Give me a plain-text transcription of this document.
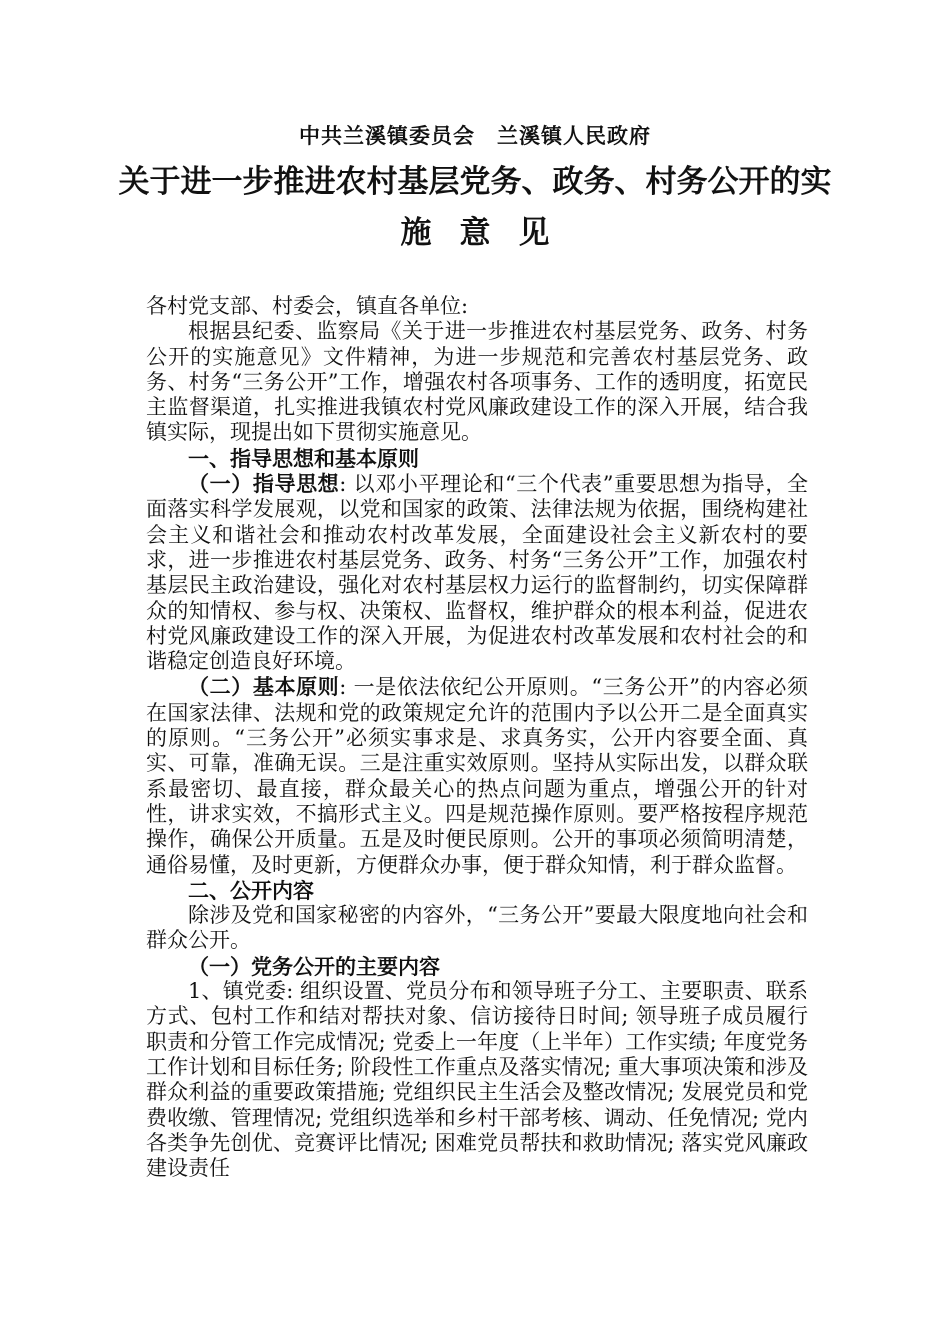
中共兰溪镇委员会　兰溪镇人民政府
关于进一步推进农村基层党务、政务、村务公开的实
施意见

各村党支部、村委会，镇直各单位:

根据县纪委、监察局《关于进一步推进农村基层党务、政务、村务公开的实施意见》文件精神，为进一步规范和完善农村基层党务、政务、村务“三务公开”工作，增强农村各项事务、工作的透明度，拓宽民主监督渠道，扎实推进我镇农村党风廉政建设工作的深入开展，结合我镇实际，现提出如下贯彻实施意见。

一、指导思想和基本原则

（一）指导思想: 以邓小平理论和“三个代表”重要思想为指导，全面落实科学发展观，以党和国家的政策、法律法规为依据，围绕构建社会主义和谐社会和推动农村改革发展，全面建设社会主义新农村的要求，进一步推进农村基层党务、政务、村务“三务公开”工作，加强农村基层民主政治建设，强化对农村基层权力运行的监督制约，切实保障群众的知情权、参与权、决策权、监督权，维护群众的根本利益，促进农村党风廉政建设工作的深入开展，为促进农村改革发展和农村社会的和谐稳定创造良好环境。

（二）基本原则: 一是依法依纪公开原则。“三务公开”的内容必须在国家法律、法规和党的政策规定允许的范围内予以公开二是全面真实的原则。“三务公开”必须实事求是、求真务实，公开内容要全面、真实、可靠，准确无误。三是注重实效原则。坚持从实际出发，以群众联系最密切、最直接，群众最关心的热点问题为重点，增强公开的针对性，讲求实效，不搞形式主义。四是规范操作原则。要严格按程序规范操作，确保公开质量。五是及时便民原则。公开的事项必须简明清楚，通俗易懂，及时更新，方便群众办事，便于群众知情，利于群众监督。

二、公开内容

除涉及党和国家秘密的内容外，“三务公开”要最大限度地向社会和群众公开。

（一）党务公开的主要内容

1、镇党委: 组织设置、党员分布和领导班子分工、主要职责、联系方式、包村工作和结对帮扶对象、信访接待日时间; 领导班子成员履行职责和分管工作完成情况; 党委上一年度（上半年）工作实绩; 年度党务工作计划和目标任务; 阶段性工作重点及落实情况; 重大事项决策和涉及群众利益的重要政策措施; 党组织民主生活会及整改情况; 发展党员和党费收缴、管理情况; 党组织选举和乡村干部考核、调动、任免情况; 党内各类争先创优、竞赛评比情况; 困难党员帮扶和救助情况; 落实党风廉政建设责任
